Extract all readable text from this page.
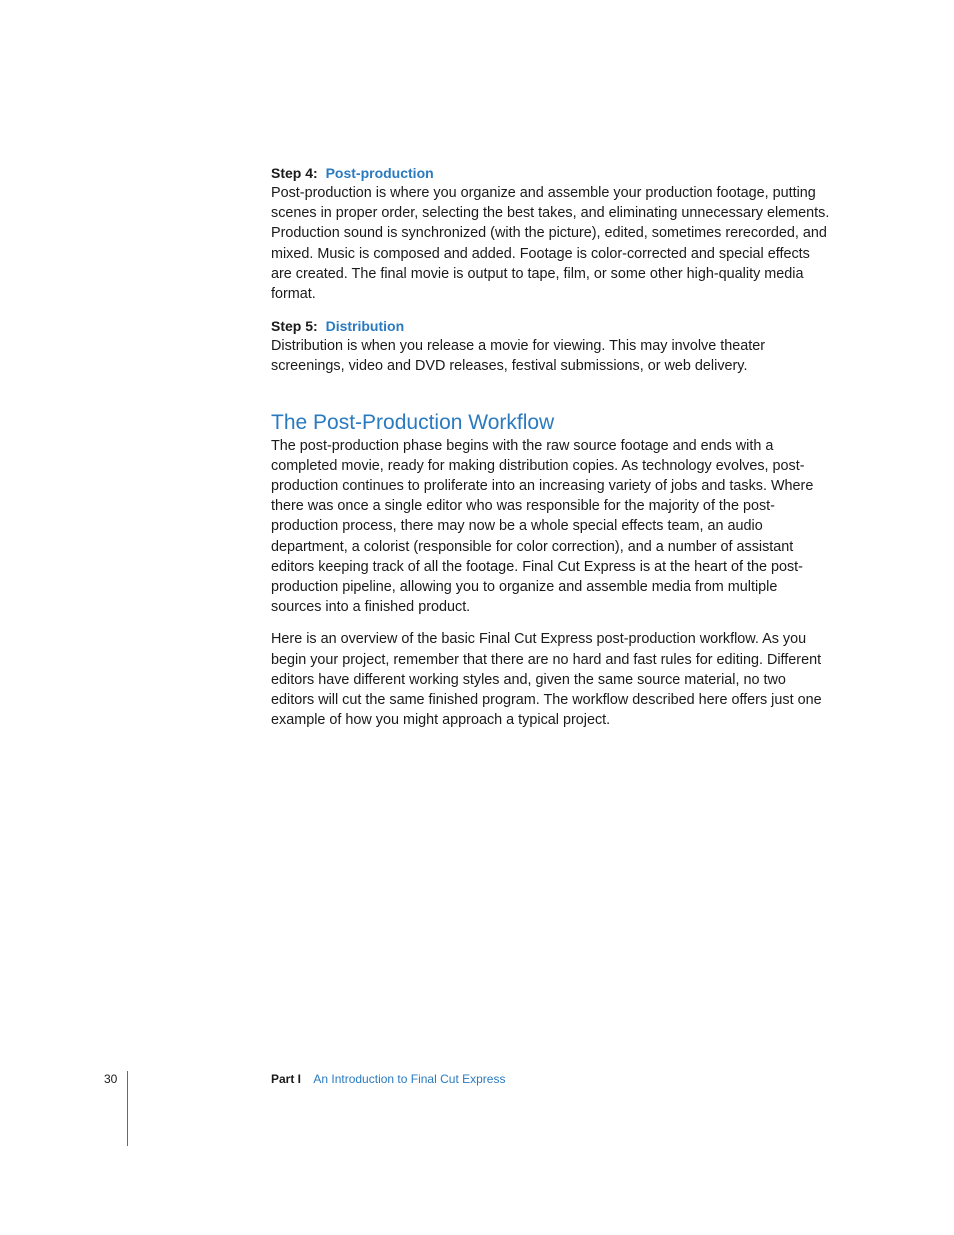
Step 4: Post-production

Post-production is where you organize and assemble your production footage, putting scenes in proper order, selecting the best takes, and eliminating unnecessary elements. Production sound is synchronized (with the picture), edited, sometimes rerecorded, and mixed. Music is composed and added. Footage is color-corrected and special effects are created. The final movie is output to tape, film, or some other high-quality media format.

Step 5: Distribution

Distribution is when you release a movie for viewing. This may involve theater screenings, video and DVD releases, festival submissions, or web delivery.

The Post-Production Workflow

The post-production phase begins with the raw source footage and ends with a completed movie, ready for making distribution copies. As technology evolves, post-production continues to proliferate into an increasing variety of jobs and tasks. Where there was once a single editor who was responsible for the majority of the post-production process, there may now be a whole special effects team, an audio department, a colorist (responsible for color correction), and a number of assistant editors keeping track of all the footage. Final Cut Express is at the heart of the post-production pipeline, allowing you to organize and assemble media from multiple sources into a finished product.

Here is an overview of the basic Final Cut Express post-production workflow. As you begin your project, remember that there are no hard and fast rules for editing. Different editors have different working styles and, given the same source material, no two editors will cut the same finished program. The workflow described here offers just one example of how you might approach a typical project.

30	Part I An Introduction to Final Cut Express
